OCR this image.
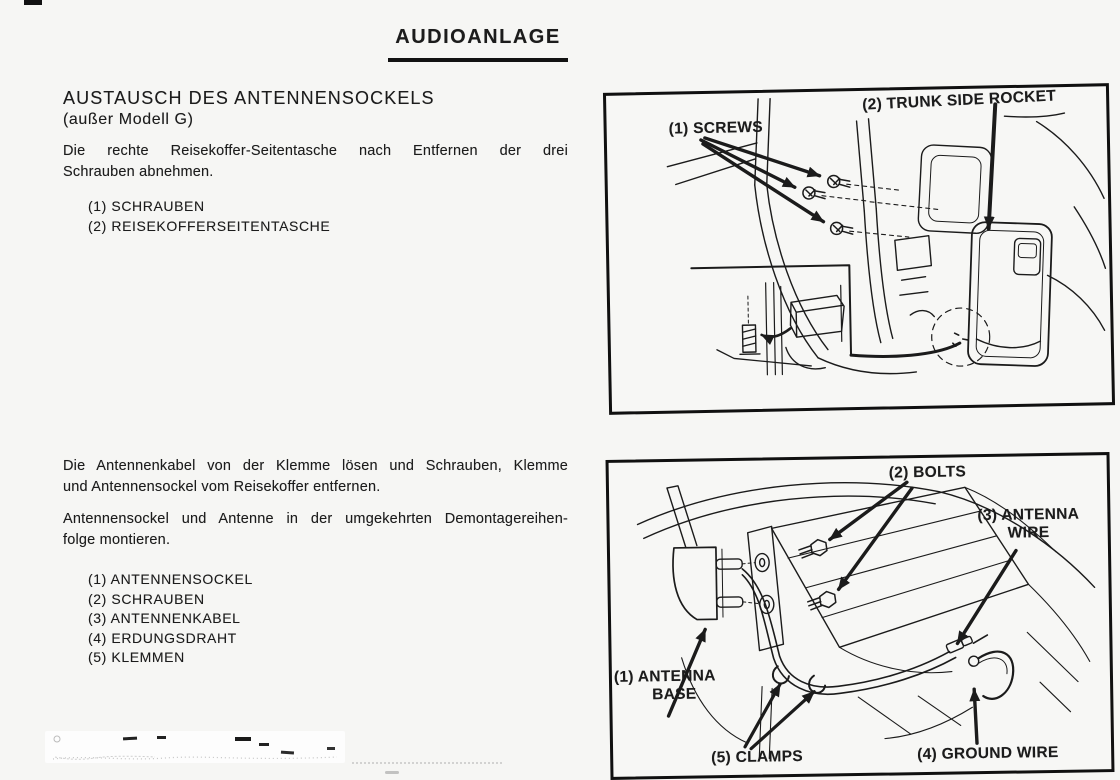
AUDIOANLAGE
AUSTAUSCH DES ANTENNENSOCKELS
(außer Modell G)
Die rechte Reisekoffer-Seitentasche nach Entfernen der drei
Schrauben abnehmen.
(1) SCHRAUBEN
(2) REISEKOFFERSEITENTASCHE
Die Antennenkabel von der Klemme lösen und Schrauben, Klemme
und Antennensockel vom Reisekoffer entfernen.
Antennensockel und Antenne in der umgekehrten Demontagereihen-
folge montieren.
(1) ANTENNENSOCKEL
(2) SCHRAUBEN
(3) ANTENNENKABEL
(4) ERDUNGSDRAHT
(5) KLEMMEN
(1) SCREWS
(2) TRUNK SIDE ROCKET
(2) BOLTS
(3) ANTENNA
WIRE
(1) ANTENNA
BASE
(5) CLAMPS	(4) GROUND WIRE
